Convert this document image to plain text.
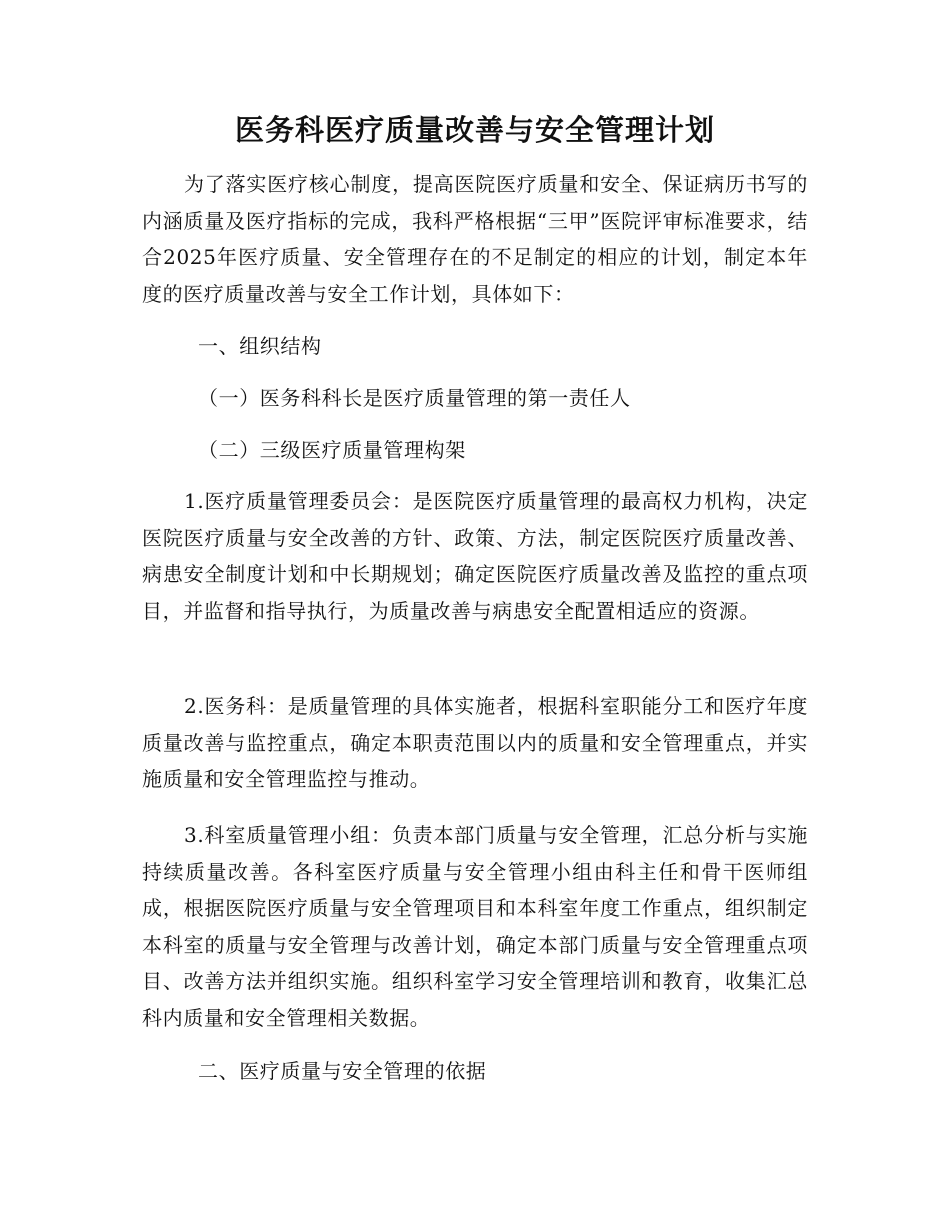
医务科医疗质量改善与安全管理计划

为了落实医疗核心制度，提高医院医疗质量和安全、保证病历书写的内涵质量及医疗指标的完成，我科严格根据“三甲”医院评审标准要求，结合2025年医疗质量、安全管理存在的不足制定的相应的计划，制定本年度的医疗质量改善与安全工作计划，具体如下：

一、组织结构

（一）医务科科长是医疗质量管理的第一责任人

（二）三级医疗质量管理构架

1.医疗质量管理委员会：是医院医疗质量管理的最高权力机构，决定医院医疗质量与安全改善的方针、政策、方法，制定医院医疗质量改善、病患安全制度计划和中长期规划；确定医院医疗质量改善及监控的重点项目，并监督和指导执行，为质量改善与病患安全配置相适应的资源。

2.医务科：是质量管理的具体实施者，根据科室职能分工和医疗年度质量改善与监控重点，确定本职责范围以内的质量和安全管理重点，并实施质量和安全管理监控与推动。

3.科室质量管理小组：负责本部门质量与安全管理，汇总分析与实施持续质量改善。各科室医疗质量与安全管理小组由科主任和骨干医师组成，根据医院医疗质量与安全管理项目和本科室年度工作重点，组织制定本科室的质量与安全管理与改善计划，确定本部门质量与安全管理重点项目、改善方法并组织实施。组织科室学习安全管理培训和教育，收集汇总科内质量和安全管理相关数据。

二、医疗质量与安全管理的依据
